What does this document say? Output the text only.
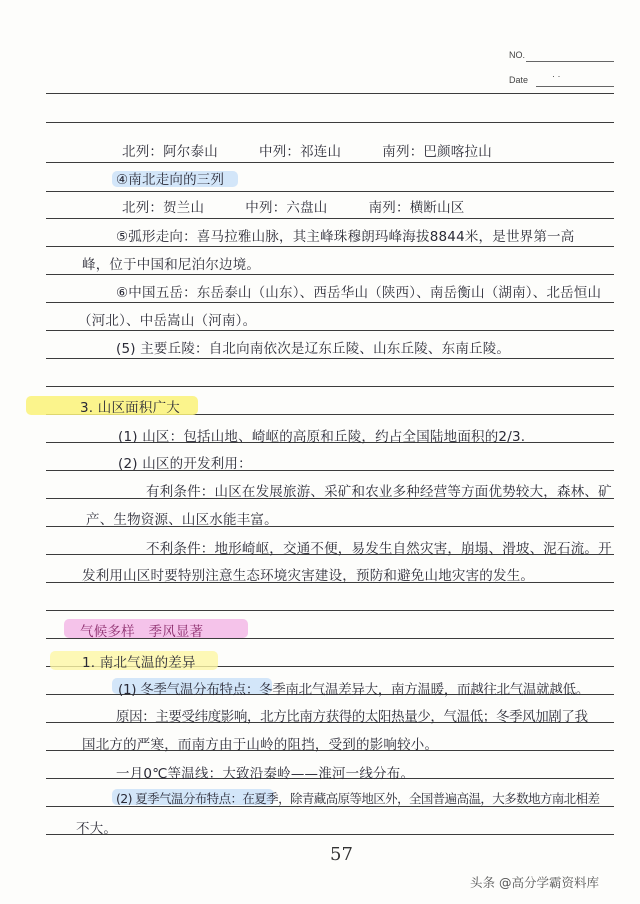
NO.
Date	· ·
北列：阿尔泰山　　　中列：祁连山　　　南列：巴颜喀拉山
④南北走向的三列
北列：贺兰山　　　中列：六盘山　　　南列：横断山区
⑤弧形走向：喜马拉雅山脉，其主峰珠穆朗玛峰海拔8844米，是世界第一高
峰，位于中国和尼泊尔边境。
⑥中国五岳：东岳泰山（山东）、西岳华山（陕西）、南岳衡山（湖南）、北岳恒山
（河北）、中岳嵩山（河南）。
(5) 主要丘陵：自北向南依次是辽东丘陵、山东丘陵、东南丘陵。
3. 山区面积广大
(1) 山区：包括山地、崎岖的高原和丘陵，约占全国陆地面积的2/3.
(2) 山区的开发利用：
有利条件：山区在发展旅游、采矿和农业多种经营等方面优势较大，森林、矿
产、生物资源、山区水能丰富。
不利条件：地形崎岖，交通不便，易发生自然灾害，崩塌、滑坡、泥石流。开
发利用山区时要特别注意生态环境灾害建设，预防和避免山地灾害的发生。
气候多样　季风显著
1. 南北气温的差异
(1) 冬季气温分布特点：冬季南北气温差异大，南方温暖，而越往北气温就越低。
原因：主要受纬度影响，北方比南方获得的太阳热量少，气温低；冬季风加剧了我
国北方的严寒，而南方由于山岭的阻挡，受到的影响较小。
一月0℃等温线：大致沿秦岭——淮河一线分布。
(2) 夏季气温分布特点：在夏季，除青藏高原等地区外，全国普遍高温，大多数地方南北相差
不大。
57
头条 @高分学霸资料库
